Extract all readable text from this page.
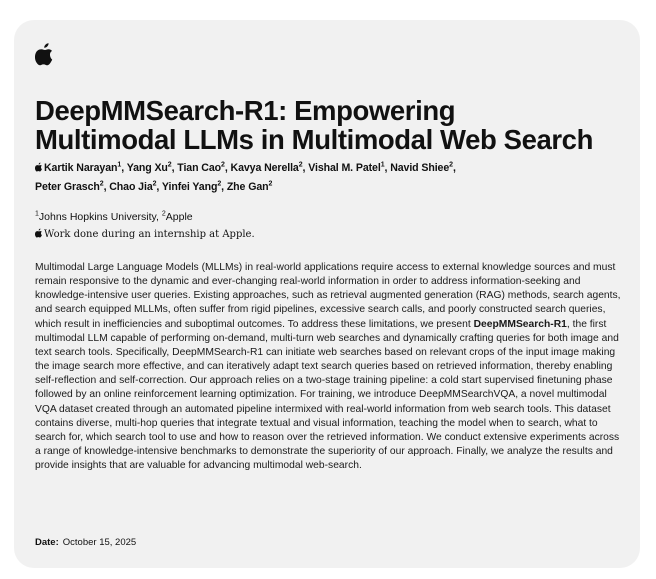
DeepMMSearch-R1: Empowering
Multimodal LLMs in Multimodal Web Search
Kartik Narayan$^1$, Yang Xu$^2$, Tian Cao$^2$, Kavya Nerella$^2$, Vishal M. Patel$^1$, Navid Shiee$^2$,
Peter Grasch$^2$, Chao Jia$^2$, Yinfei Yang$^2$, Zhe Gan$^2$
$^1$Johns Hopkins University, $^2$Apple
Work done during an internship at Apple.

Multimodal Large Language Models (MLLMs) in real-world applications require access to external knowledge sources and must remain responsive to the dynamic and ever-changing real-world information in order to address information-seeking and knowledge-intensive user queries. Existing approaches, such as retrieval augmented generation (RAG) methods, search agents, and search equipped MLLMs, often suffer from rigid pipelines, excessive search calls, and poorly constructed search queries, which result in inefficiencies and suboptimal outcomes. To address these limitations, we present DeepMMSearch-R1, the first multimodal LLM capable of performing on-demand, multi-turn web searches and dynamically crafting queries for both image and text search tools. Specifically, DeepMMSearch-R1 can initiate web searches based on relevant crops of the input image making the image search more effective, and can iteratively adapt text search queries based on retrieved information, thereby enabling self-reflection and self-correction. Our approach relies on a two-stage training pipeline: a cold start supervised finetuning phase followed by an online reinforcement learning optimization. For training, we introduce DeepMMSearchVQA, a novel multimodal VQA dataset created through an automated pipeline intermixed with real-world information from web search tools. This dataset contains diverse, multi-hop queries that integrate textual and visual information, teaching the model when to search, what to search for, which search tool to use and how to reason over the retrieved information. We conduct extensive experiments across a range of knowledge-intensive benchmarks to demonstrate the superiority of our approach. Finally, we analyze the results and provide insights that are valuable for advancing multimodal web-search.

Date: October 15, 2025
